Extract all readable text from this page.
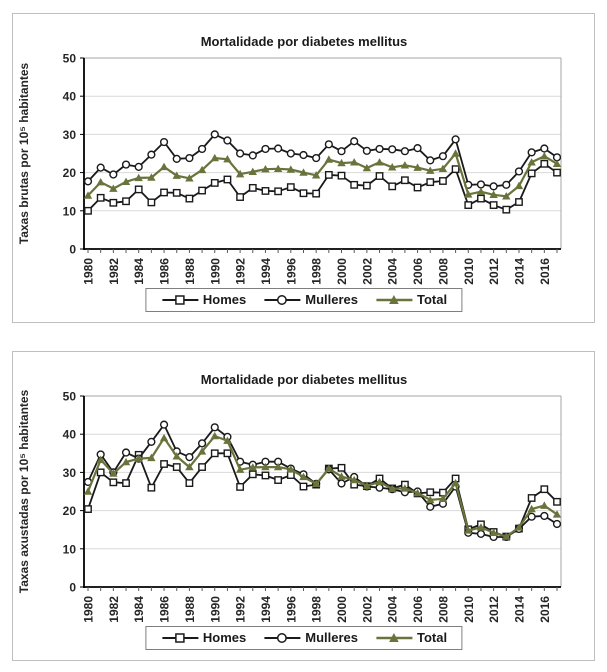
Mortalidade por diabetes mellitus
0
10
20
30
40
50
1980 1982 1984 1986 1988 1990 1992 1994 1996 1998 2000 2002 2004 2006 2008 2010 2012 2014 2016
Taxas brutas por 10⁵ habitantes
Homes	Mulleres	Total
Mortalidade por diabetes mellitus
0
10
20
30
40
50
1980 1982 1984 1986 1988 1990 1992 1994 1996 1998 2000 2002 2004 2006 2008 2010 2012 2014 2016
Taxas axustadas por 10⁵ habitantes
Homes	Mulleres	Total
